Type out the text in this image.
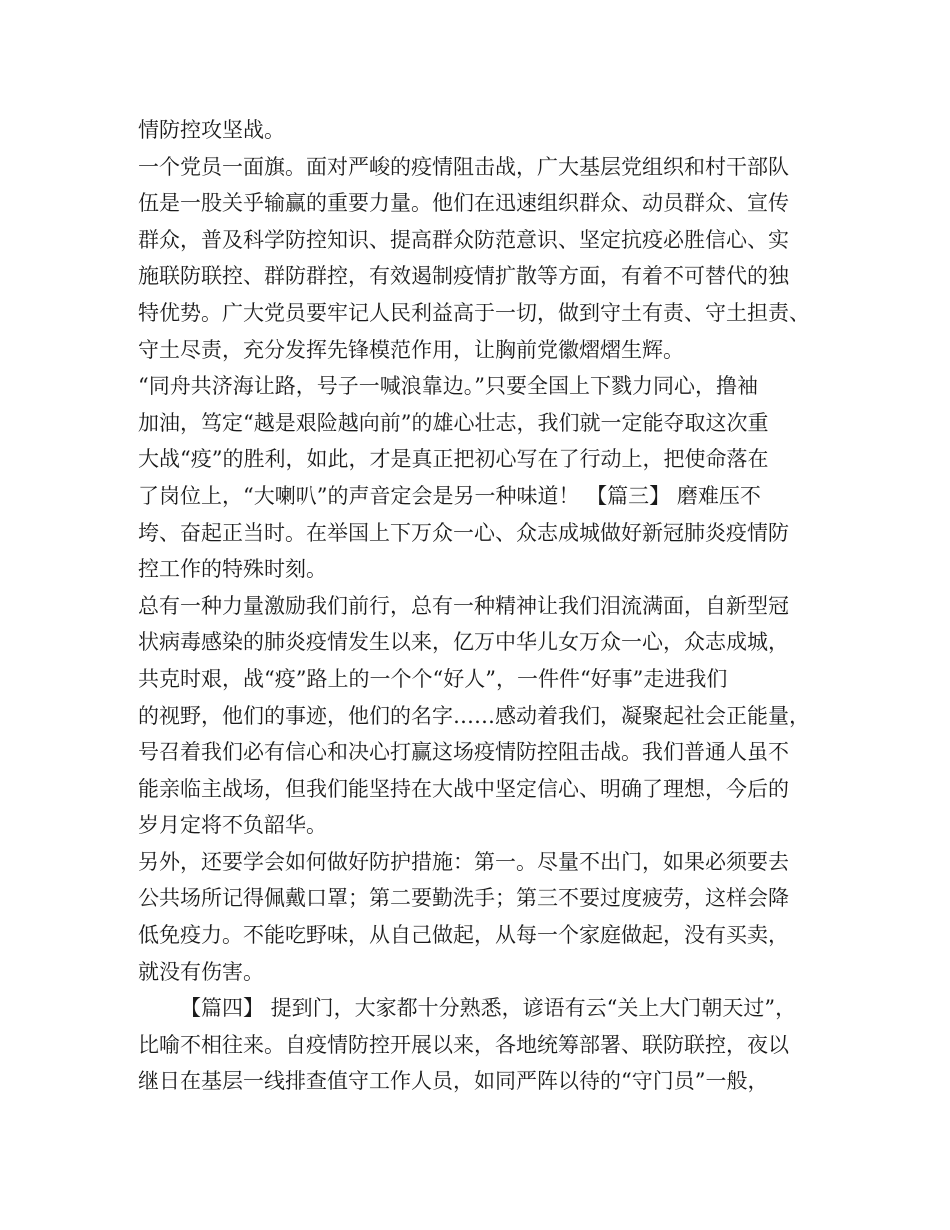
情防控攻坚战。
一个党员一面旗。面对严峻的疫情阻击战，广大基层党组织和村干部队
伍是一股关乎输赢的重要力量。他们在迅速组织群众、动员群众、宣传
群众，普及科学防控知识、提高群众防范意识、坚定抗疫必胜信心、实
施联防联控、群防群控，有效遏制疫情扩散等方面，有着不可替代的独
特优势。广大党员要牢记人民利益高于一切，做到守土有责、守土担责、
守土尽责，充分发挥先锋模范作用，让胸前党徽熠熠生辉。
“同舟共济海让路，号子一喊浪靠边。”只要全国上下戮力同心，撸袖
加油，笃定“越是艰险越向前”的雄心壮志，我们就一定能夺取这次重
大战“疫”的胜利，如此，才是真正把初心写在了行动上，把使命落在
了岗位上，“大喇叭”的声音定会是另一种味道！ 【篇三】 磨难压不
垮、奋起正当时。在举国上下万众一心、众志成城做好新冠肺炎疫情防
控工作的特殊时刻。
总有一种力量激励我们前行，总有一种精神让我们泪流满面，自新型冠
状病毒感染的肺炎疫情发生以来，亿万中华儿女万众一心，众志成城，
共克时艰，战“疫”路上的一个个“好人”，一件件“好事”走进我们
的视野，他们的事迹，他们的名字……感动着我们，凝聚起社会正能量，
号召着我们必有信心和决心打赢这场疫情防控阻击战。我们普通人虽不
能亲临主战场，但我们能坚持在大战中坚定信心、明确了理想，今后的
岁月定将不负韶华。
另外，还要学会如何做好防护措施：第一。尽量不出门，如果必须要去
公共场所记得佩戴口罩；第二要勤洗手；第三不要过度疲劳，这样会降
低免疫力。不能吃野味，从自己做起，从每一个家庭做起，没有买卖，
就没有伤害。
【篇四】 提到门，大家都十分熟悉，谚语有云“关上大门朝天过”，
比喻不相往来。自疫情防控开展以来，各地统筹部署、联防联控，夜以
继日在基层一线排查值守工作人员，如同严阵以待的“守门员”一般，
